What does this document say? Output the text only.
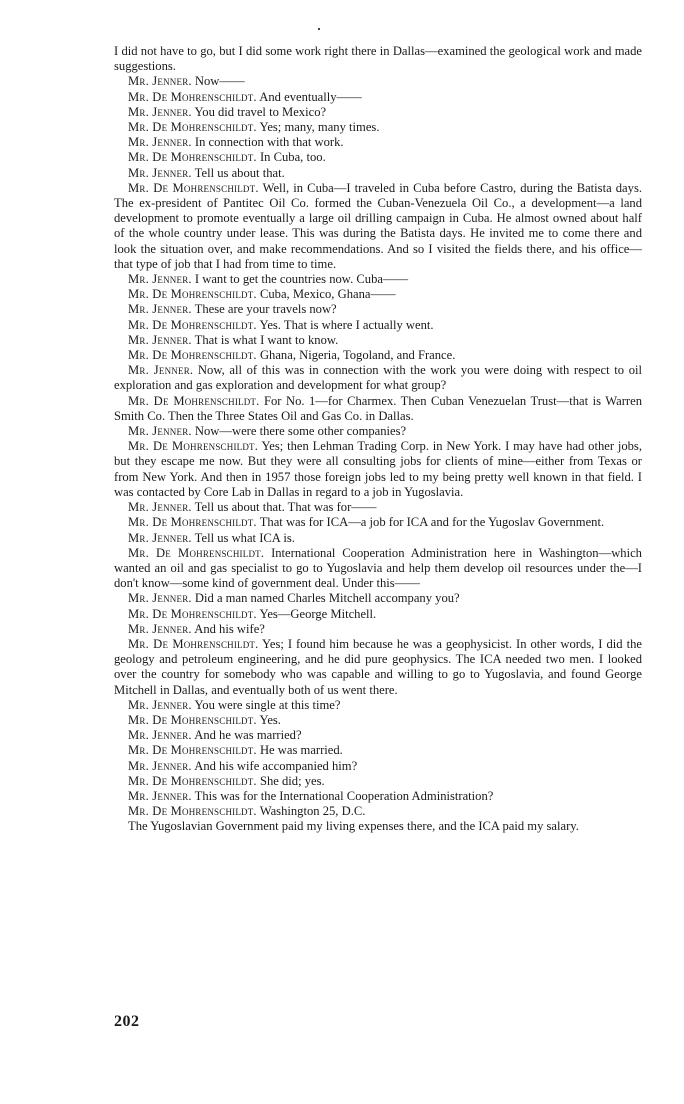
I did not have to go, but I did some work right there in Dallas—examined the geological work and made suggestions.

Mr. Jenner. Now——

Mr. De Mohrenschildt. And eventually——

Mr. Jenner. You did travel to Mexico?

Mr. De Mohrenschildt. Yes; many, many times.

Mr. Jenner. In connection with that work.

Mr. De Mohrenschildt. In Cuba, too.

Mr. Jenner. Tell us about that.

Mr. De Mohrenschildt. Well, in Cuba—I traveled in Cuba before Castro, during the Batista days. The ex-president of Pantitec Oil Co. formed the Cuban-Venezuela Oil Co., a development—a land development to promote eventually a large oil drilling campaign in Cuba. He almost owned about half of the whole country under lease. This was during the Batista days. He invited me to come there and look the situation over, and make recommendations. And so I visited the fields there, and his office—that type of job that I had from time to time.

Mr. Jenner. I want to get the countries now. Cuba——

Mr. De Mohrenschildt. Cuba, Mexico, Ghana——

Mr. Jenner. These are your travels now?

Mr. De Mohrenschildt. Yes. That is where I actually went.

Mr. Jenner. That is what I want to know.

Mr. De Mohrenschildt. Ghana, Nigeria, Togoland, and France.

Mr. Jenner. Now, all of this was in connection with the work you were doing with respect to oil exploration and gas exploration and development for what group?

Mr. De Mohrenschildt. For No. 1—for Charmex. Then Cuban Venezuelan Trust—that is Warren Smith Co. Then the Three States Oil and Gas Co. in Dallas.

Mr. Jenner. Now—were there some other companies?

Mr. De Mohrenschildt. Yes; then Lehman Trading Corp. in New York. I may have had other jobs, but they escape me now. But they were all consulting jobs for clients of mine—either from Texas or from New York. And then in 1957 those foreign jobs led to my being pretty well known in that field. I was contacted by Core Lab in Dallas in regard to a job in Yugoslavia.

Mr. Jenner. Tell us about that. That was for——

Mr. De Mohrenschildt. That was for ICA—a job for ICA and for the Yugoslav Government.

Mr. Jenner. Tell us what ICA is.

Mr. De Mohrenschildt. International Cooperation Administration here in Washington—which wanted an oil and gas specialist to go to Yugoslavia and help them develop oil resources under the—I don't know—some kind of government deal. Under this——

Mr. Jenner. Did a man named Charles Mitchell accompany you?

Mr. De Mohrenschildt. Yes—George Mitchell.

Mr. Jenner. And his wife?

Mr. De Mohrenschildt. Yes; I found him because he was a geophysicist. In other words, I did the geology and petroleum engineering, and he did pure geophysics. The ICA needed two men. I looked over the country for somebody who was capable and willing to go to Yugoslavia, and found George Mitchell in Dallas, and eventually both of us went there.

Mr. Jenner. You were single at this time?

Mr. De Mohrenschildt. Yes.

Mr. Jenner. And he was married?

Mr. De Mohrenschildt. He was married.

Mr. Jenner. And his wife accompanied him?

Mr. De Mohrenschildt. She did; yes.

Mr. Jenner. This was for the International Cooperation Administration?

Mr. De Mohrenschildt. Washington 25, D.C.

The Yugoslavian Government paid my living expenses there, and the ICA paid my salary.

202
